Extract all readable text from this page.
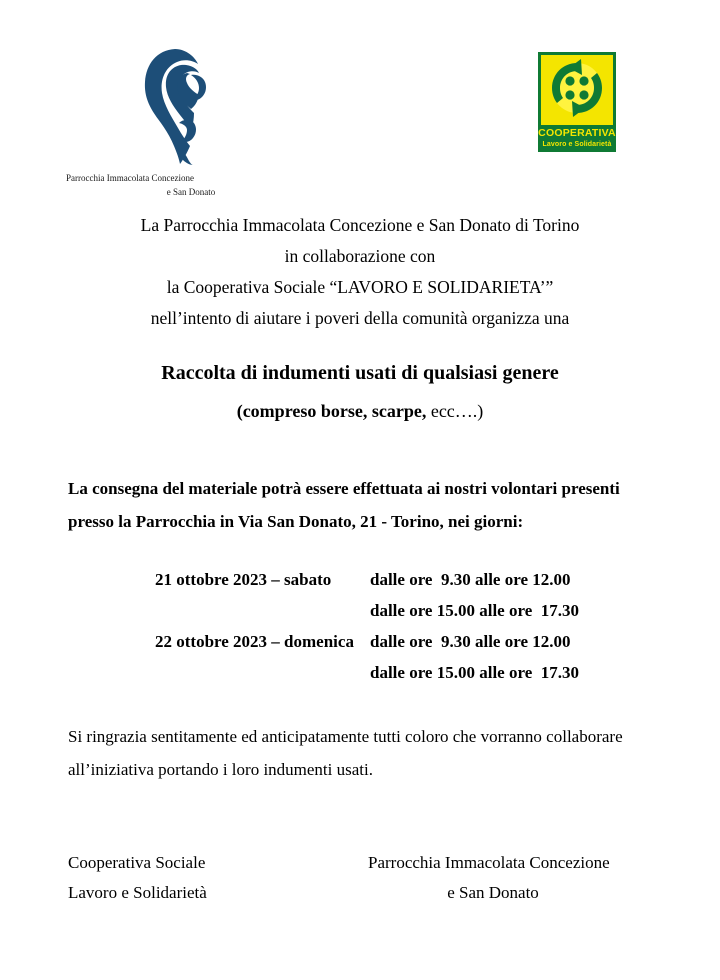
Parrocchia Immacolata Concezione
e San Donato
COOPERATIVA
Lavoro e Solidarietà
La Parrocchia Immacolata Concezione e San Donato di Torino
in collaborazione con
la Cooperativa Sociale “LAVORO E SOLIDARIETA’”
nell’intento di aiutare i poveri della comunità organizza una
Raccolta di indumenti usati di qualsiasi genere
(compreso borse, scarpe, ecc….)
La consegna del materiale potrà essere effettuata ai nostri volontari presenti
presso la Parrocchia in Via San Donato, 21 - Torino, nei giorni:
21 ottobre 2023 – sabato	dalle ore  9.30 alle ore 12.00
dalle ore 15.00 alle ore  17.30
22 ottobre 2023 – domenica dalle ore  9.30 alle ore 12.00
dalle ore 15.00 alle ore  17.30
Si ringrazia sentitamente ed anticipatamente tutti coloro che vorranno collaborare
all’iniziativa portando i loro indumenti usati.
Cooperativa Sociale
Lavoro e Solidarietà
Parrocchia Immacolata Concezione
e San Donato
